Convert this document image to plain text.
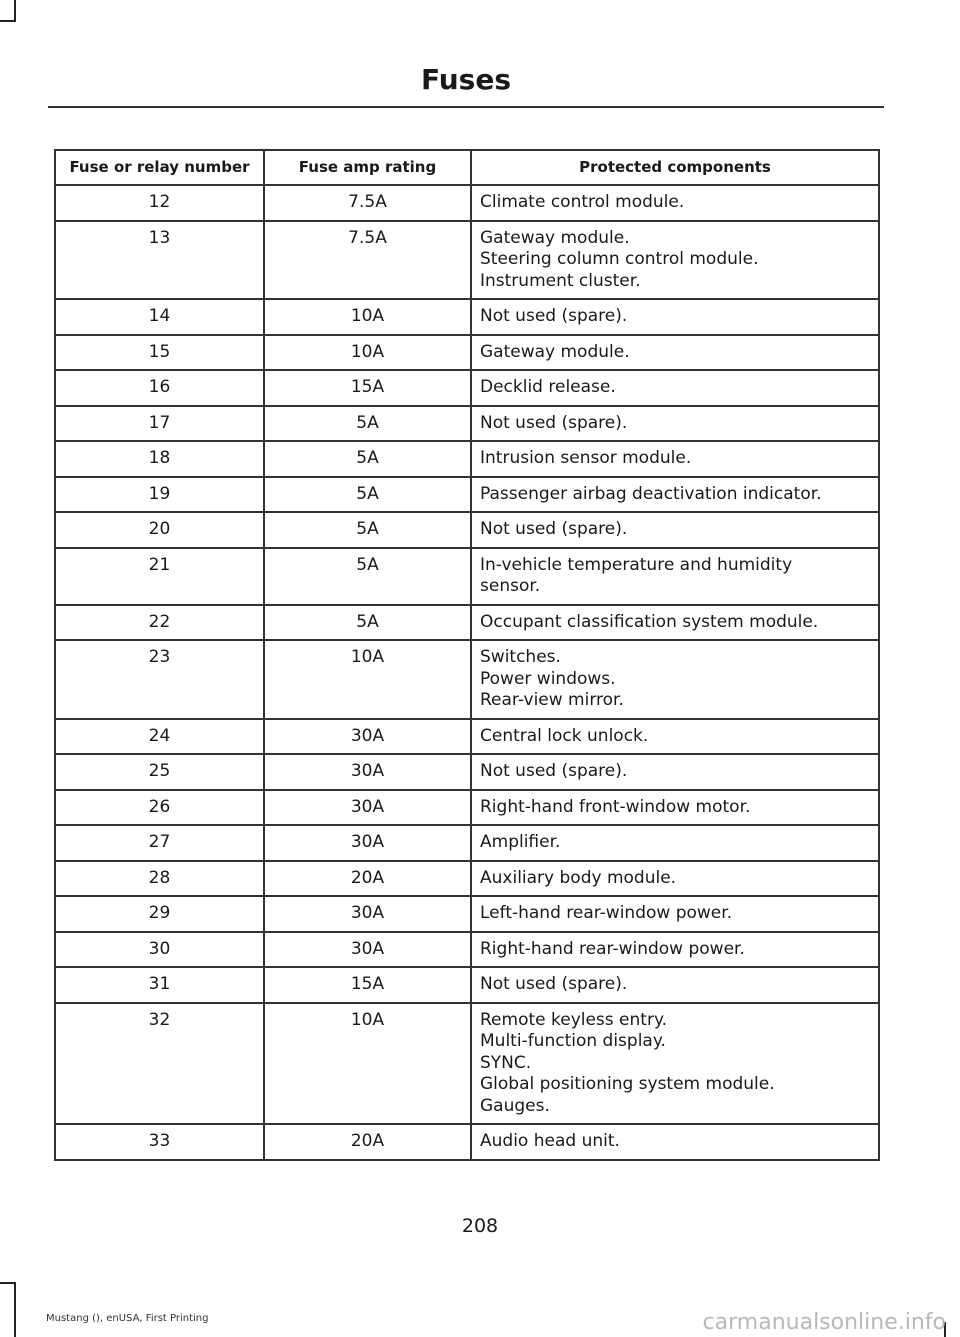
Fuses
Fuse or relay number	Fuse amp rating	Protected components
12	7.5A	Climate control module.

13	7.5A	Gateway module.
Steering column control module.
Instrument cluster.

14	10A	Not used (spare).

15	10A	Gateway module.

16	15A	Decklid release.

17	5A	Not used (spare).

18	5A	Intrusion sensor module.

19	5A	Passenger airbag deactivation indicator.

20	5A	Not used (spare).

21	5A	In-vehicle temperature and humidity
sensor.

22	5A	Occupant classification system module.

23	10A	Switches.
Power windows.
Rear-view mirror.

24	30A	Central lock unlock.

25	30A	Not used (spare).

26	30A	Right-hand front-window motor.

27	30A	Amplifier.

28	20A	Auxiliary body module.

29	30A	Left-hand rear-window power.

30	30A	Right-hand rear-window power.

31	15A	Not used (spare).

32	10A	Remote keyless entry.
Multi-function display.
SYNC.
Global positioning system module.
Gauges.

33	20A	Audio head unit.
208
Mustang (), enUSA, First Printing	carmanualsonline.info
